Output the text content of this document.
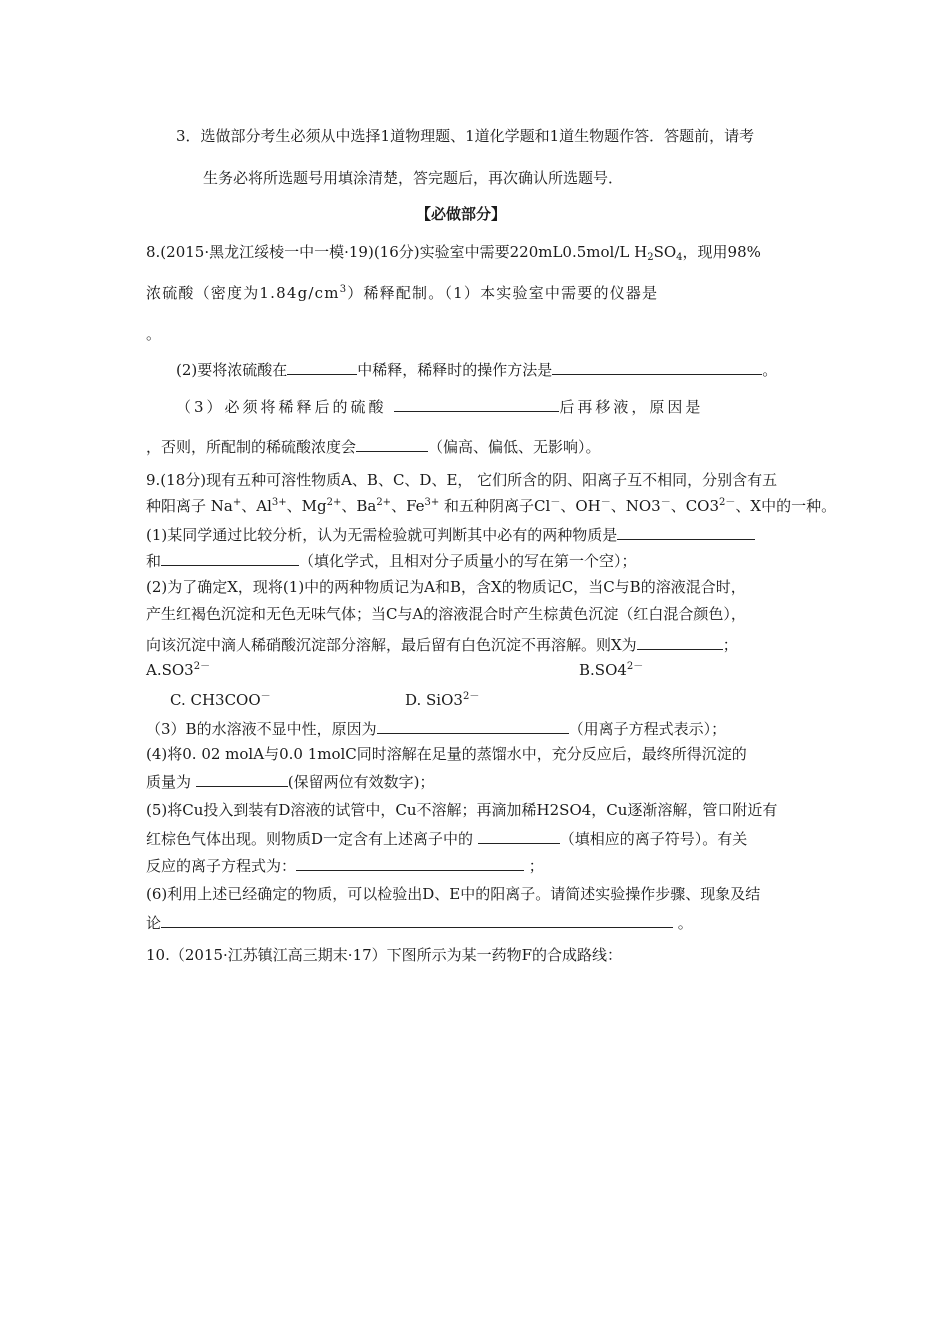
3．选做部分考生必须从中选择1道物理题、1道化学题和1道生物题作答．答题前，请考
生务必将所选题号用填涂清楚，答完题后，再次确认所选题号．
【必做部分】
8.(2015·黑龙江绥棱一中一模·19)(16分)实验室中需要220mL0.5mol/L $H_2SO_4$，现用98%
浓硫酸（密度为$1.84g/cm^3$）稀释配制。（1）本实验室中需要的仪器是
。
(2)要将浓硫酸在	中稀释，稀释时的操作方法是	。
（3）必须将稀释后的硫酸	后再移液，原因是
，否则，所配制的稀硫酸浓度会	（偏高、偏低、无影响）。
9.(18分)现有五种可溶性物质A、B、C、D、E， 它们所含的阴、阳离子互不相同，分别含有五
种阳离子 Na+、$Al^{3+}$、$Mg^{2+}$、$Ba^{2+}$、$Fe^{3+}$ 和五种阴离子Cl－、OH－、NO3－、$CO3^{2-}$、X中的一种。
(1)某同学通过比较分析，认为无需检验就可判断其中必有的两种物质是
和	（填化学式，且相对分子质量小的写在第一个空）；
(2)为了确定X，现将(1)中的两种物质记为A和B，含X的物质记C，当C与B的溶液混合时，
产生红褐色沉淀和无色无味气体；当C与A的溶液混合时产生棕黄色沉淀（红白混合颜色），
向该沉淀中滴人稀硝酸沉淀部分溶解，最后留有白色沉淀不再溶解。则X为	；
$A.SO3^{2-}$	$B.SO4^{2-}$
C. CH3COO－	D. $SiO3^{2-}$
（3）B的水溶液不显中性，原因为	（用离子方程式表示）；
(4)将0. 02 molA与0.0 1molC同时溶解在足量的蒸馏水中，充分反应后，最终所得沉淀的
质量为	(保留两位有效数字)；
(5)将Cu投入到装有D溶液的试管中，Cu不溶解；再滴加稀H2SO4，Cu逐渐溶解，管口附近有
红棕色气体出现。则物质D一定含有上述离子中的	（填相应的离子符号）。有关
反应的离子方程式为：	；
(6)利用上述已经确定的物质，可以检验出D、E中的阳离子。请简述实验操作步骤、现象及结
论	。
10.（2015·江苏镇江高三期末·17）下图所示为某一药物F的合成路线：
